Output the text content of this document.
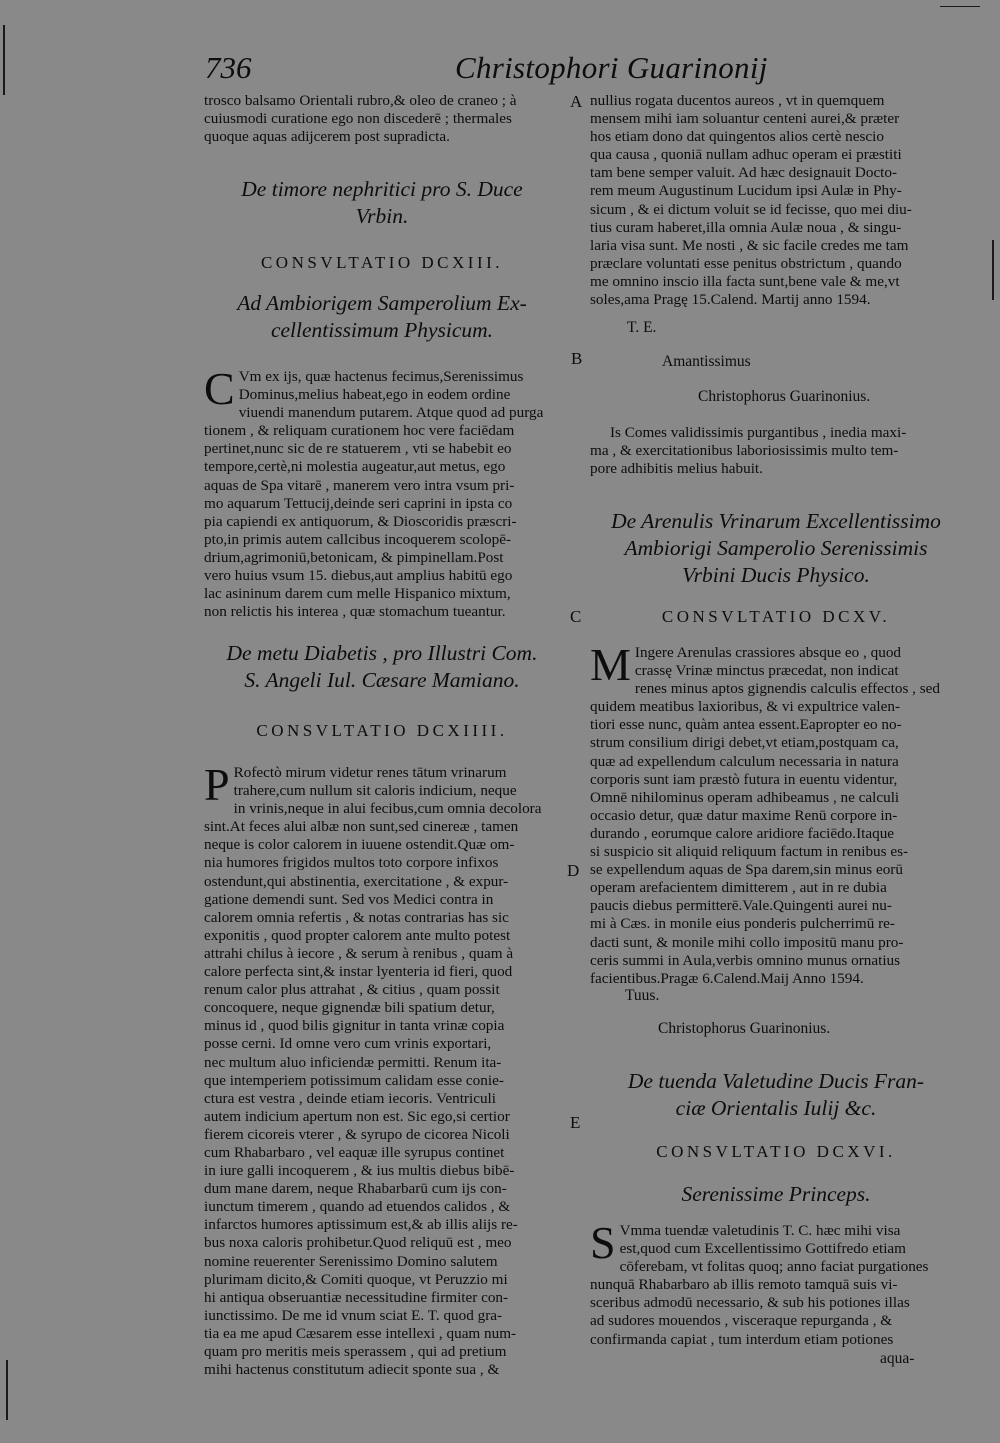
736	Christophori Guarinonij
A
B
C
D
E

trosco balsamo Orientali rubro,& oleo de craneo ; à

cuiusmodi curatione ego non discederē ; thermales

quoque aquas adijcerem post supradicta.

De timore nephritici pro S. Duce

Vrbin.

CONSVLTATIO DCXIII.

Ad Ambiorigem Samperolium Ex-

cellentissimum Physicum.

C Vm ex ijs, quæ hactenus fecimus,Serenissimus

Dominus,melius habeat,ego in eodem ordine

viuendi manendum putarem. Atque quod ad purga

tionem , & reliquam curationem hoc vere faciēdam

pertinet,nunc sic de re statuerem , vti se habebit eo

tempore,certè,ni molestia augeatur,aut metus, ego

aquas de Spa vitarē , manerem vero intra vsum pri-

mo aquarum Tettucij,deinde seri caprini in ipsta co

pia capiendi ex antiquorum, & Dioscoridis præscri-

pto,in primis autem callcibus incoquerem scolopē-

drium,agrimoniū,betonicam, & pimpinellam.Post

vero huius vsum 15. diebus,aut amplius habitū ego

lac asininum darem cum melle Hispanico mixtum,

non relictis his interea , quæ stomachum tueantur.

De metu Diabetis , pro Illustri Com.

S. Angeli Iul. Cæsare Mamiano.

CONSVLTATIO DCXIIII.

P Rofectò mirum videtur renes tātum vrinarum

trahere,cum nullum sit caloris indicium, neque

in vrinis,neque in alui fecibus,cum omnia decolora

sint.At feces alui albæ non sunt,sed cinereæ , tamen

neque is color calorem in iuuene ostendit.Quæ om-

nia humores frigidos multos toto corpore infixos

ostendunt,qui abstinentia, exercitatione , & expur-

gatione demendi sunt. Sed vos Medici contra in

calorem omnia refertis , & notas contrarias has sic

exponitis , quod propter calorem ante multo potest

attrahi chilus à iecore , & serum à renibus , quam à

calore perfecta sint,& instar lyenteria id fieri, quod

renum calor plus attrahat , & citius , quam possit

concoquere, neque gignendæ bili spatium detur,

minus id , quod bilis gignitur in tanta vrinæ copia

posse cerni. Id omne vero cum vrinis exportari,

nec multum aluo inficiendæ permitti. Renum ita-

que intemperiem potissimum calidam esse conie-

ctura est vestra , deinde etiam iecoris. Ventriculi

autem indicium apertum non est. Sic ego,si certior

fierem cicoreis vterer , & syrupo de cicorea Nicoli

cum Rhabarbaro , vel eaquæ ille syrupus continet

in iure galli incoquerem , & ius multis diebus bibē-

dum mane darem, neque Rhabarbarū cum ijs con-

iunctum timerem , quando ad etuendos calidos , &

infarctos humores aptissimum est,& ab illis alijs re-

bus noxa caloris prohibetur.Quod reliquū est , meo

nomine reuerenter Serenissimo Domino salutem

plurimam dicito,& Comiti quoque, vt Peruzzio mi

hi antiqua obseruantiæ necessitudine firmiter con-

iunctissimo. De me id vnum sciat E. T. quod gra-

tia ea me apud Cæsarem esse intellexi , quam num-

quam pro meritis meis sperassem , qui ad pretium

mihi hactenus constitutum adiecit sponte sua , &

nullius rogata ducentos aureos , vt in quemquem

mensem mihi iam soluantur centeni aurei,& præter

hos etiam dono dat quingentos alios certè nescio

qua causa , quoniā nullam adhuc operam ei præstiti

tam bene semper valuit. Ad hæc designauit Docto-

rem meum Augustinum Lucidum ipsi Aulæ in Phy-

sicum , & ei dictum voluit se id fecisse, quo mei diu-

tius curam haberet,illa omnia Aulæ noua , & singu-

laria visa sunt. Me nosti , & sic facile credes me tam

præclare voluntati esse penitus obstrictum , quando

me omnino inscio illa facta sunt,bene vale & me,vt

soles,ama Pragę 15.Calend. Martij anno 1594.

T. E.
Amantissimus
Christophorus Guarinonius.

Is Comes validissimis purgantibus , inedia maxi-

ma , & exercitationibus laboriosissimis multo tem-

pore adhibitis melius habuit.

De Arenulis Vrinarum Excellentissimo

Ambiorigi Samperolio Serenissimis

Vrbini Ducis Physico.

CONSVLTATIO DCXV.

M Ingere Arenulas crassiores absque eo , quod

crassę Vrinæ minctus præcedat, non indicat

renes minus aptos gignendis calculis effectos , sed

quidem meatibus laxioribus, & vi expultrice valen-

tiori esse nunc, quàm antea essent.Eapropter eo no-

strum consilium dirigi debet,vt etiam,postquam ca,

quæ ad expellendum calculum necessaria in natura

corporis sunt iam præstò futura in euentu videntur,

Omnē nihilominus operam adhibeamus , ne calculi

occasio detur, quæ datur maxime Renū corpore in-

durando , eorumque calore aridiore faciēdo.Itaque

si suspicio sit aliquid reliquum factum in renibus es-

se expellendum aquas de Spa darem,sin minus eorū

operam arefacientem dimitterem , aut in re dubia

paucis diebus permitterē.Vale.Quingenti aurei nu-

mi à Cæs. in monile eius ponderis pulcherrimū re-

dacti sunt, & monile mihi collo impositū manu pro-

ceris summi in Aula,verbis omnino munus ornatius

facientibus.Pragæ 6.Calend.Maij Anno 1594.

Tuus.
Christophorus Guarinonius.

De tuenda Valetudine Ducis Fran-

ciæ Orientalis Iulij &c.

CONSVLTATIO DCXVI.

Serenissime Princeps.

S Vmma tuendæ valetudinis T. C. hæc mihi visa

est,quod cum Excellentissimo Gottifredo etiam

cōferebam, vt folitas quoq; anno faciat purgationes

nunquā Rhabarbaro ab illis remoto tamquā suis vi-

sceribus admodū necessario, & sub his potiones illas

ad sudores mouendos , visceraque repurganda , &

confirmanda capiat , tum interdum etiam potiones

aqua-
